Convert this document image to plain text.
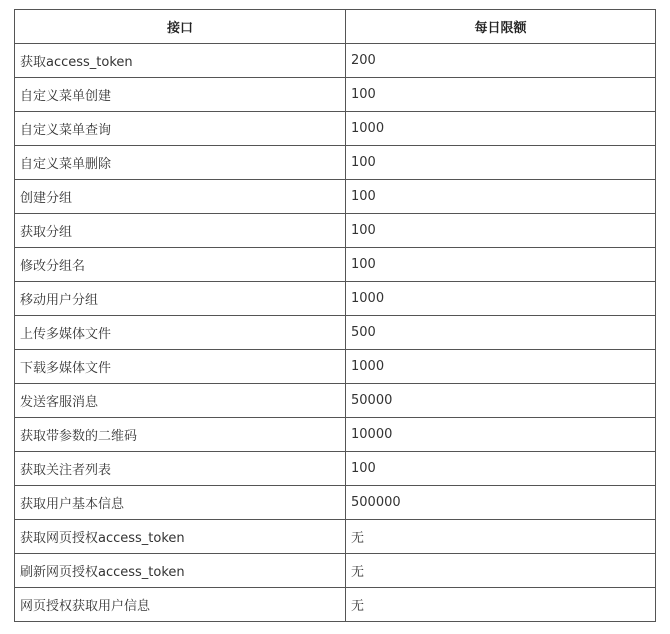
接口	每日限额
获取access_token	200
自定义菜单创建	100
自定义菜单查询	1000
自定义菜单删除	100
创建分组	100
获取分组	100
修改分组名	100
移动用户分组	1000
上传多媒体文件	500
下载多媒体文件	1000
发送客服消息	50000
获取带参数的二维码	10000
获取关注者列表	100
获取用户基本信息	500000
获取网页授权access_token	无
刷新网页授权access_token	无
网页授权获取用户信息	无
